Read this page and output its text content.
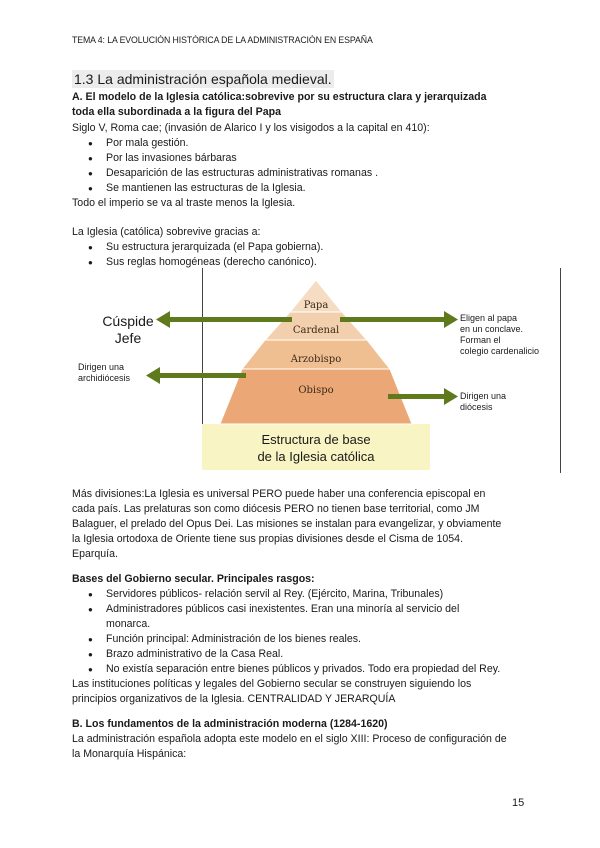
TEMA 4: LA EVOLUCIÓN HISTÓRICA DE LA ADMINISTRACIÓN EN ESPAÑA
1.3 La administración española medieval.
A. El modelo de la Iglesia católica:sobrevive por su estructura clara y jerarquizada
toda ella subordinada a la figura del Papa
Siglo V, Roma cae; (invasión de Alarico I y los visigodos a la capital en 410):
● Por mala gestión.
● Por las invasiones bárbaras
● Desaparición de las estructuras administrativas romanas .
● Se mantienen las estructuras de la Iglesia.
Todo el imperio se va al traste menos la Iglesia.
La Iglesia (católica) sobrevive gracias a:
● Su estructura jerarquizada (el Papa gobierna).
● Sus reglas homogéneas (derecho canónico).
Papa
Cardenal
Arzobispo
Obispo
Cúspide
Jefe
Dirigen una
archidiócesis
Eligen al papa
en un conclave.
Forman el
colegio cardenalicio
Dirigen una
diócesis
Estructura de base
de la Iglesia católica
Más divisiones:La Iglesia es universal PERO puede haber una conferencia episcopal en
cada país. Las prelaturas son como diócesis PERO no tienen base territorial, como JM
Balaguer, el prelado del Opus Dei. Las misiones se instalan para evangelizar, y obviamente
la Iglesia ortodoxa de Oriente tiene sus propias divisiones desde el Cisma de 1054.
Eparquía.
Bases del Gobierno secular. Principales rasgos:
● Servidores públicos- relación servil al Rey. (Ejército, Marina, Tribunales)
● Administradores públicos casi inexistentes. Eran una minoría al servicio del
monarca.
● Función principal: Administración de los bienes reales.
● Brazo administrativo de la Casa Real.
● No existía separación entre bienes públicos y privados. Todo era propiedad del Rey.
Las instituciones políticas y legales del Gobierno secular se construyen siguiendo los
principios organizativos de la Iglesia. CENTRALIDAD Y JERARQUÍA
B. Los fundamentos de la administración moderna (1284-1620)
La administración española adopta este modelo en el siglo XIII: Proceso de configuración de
la Monarquía Hispánica:
15
